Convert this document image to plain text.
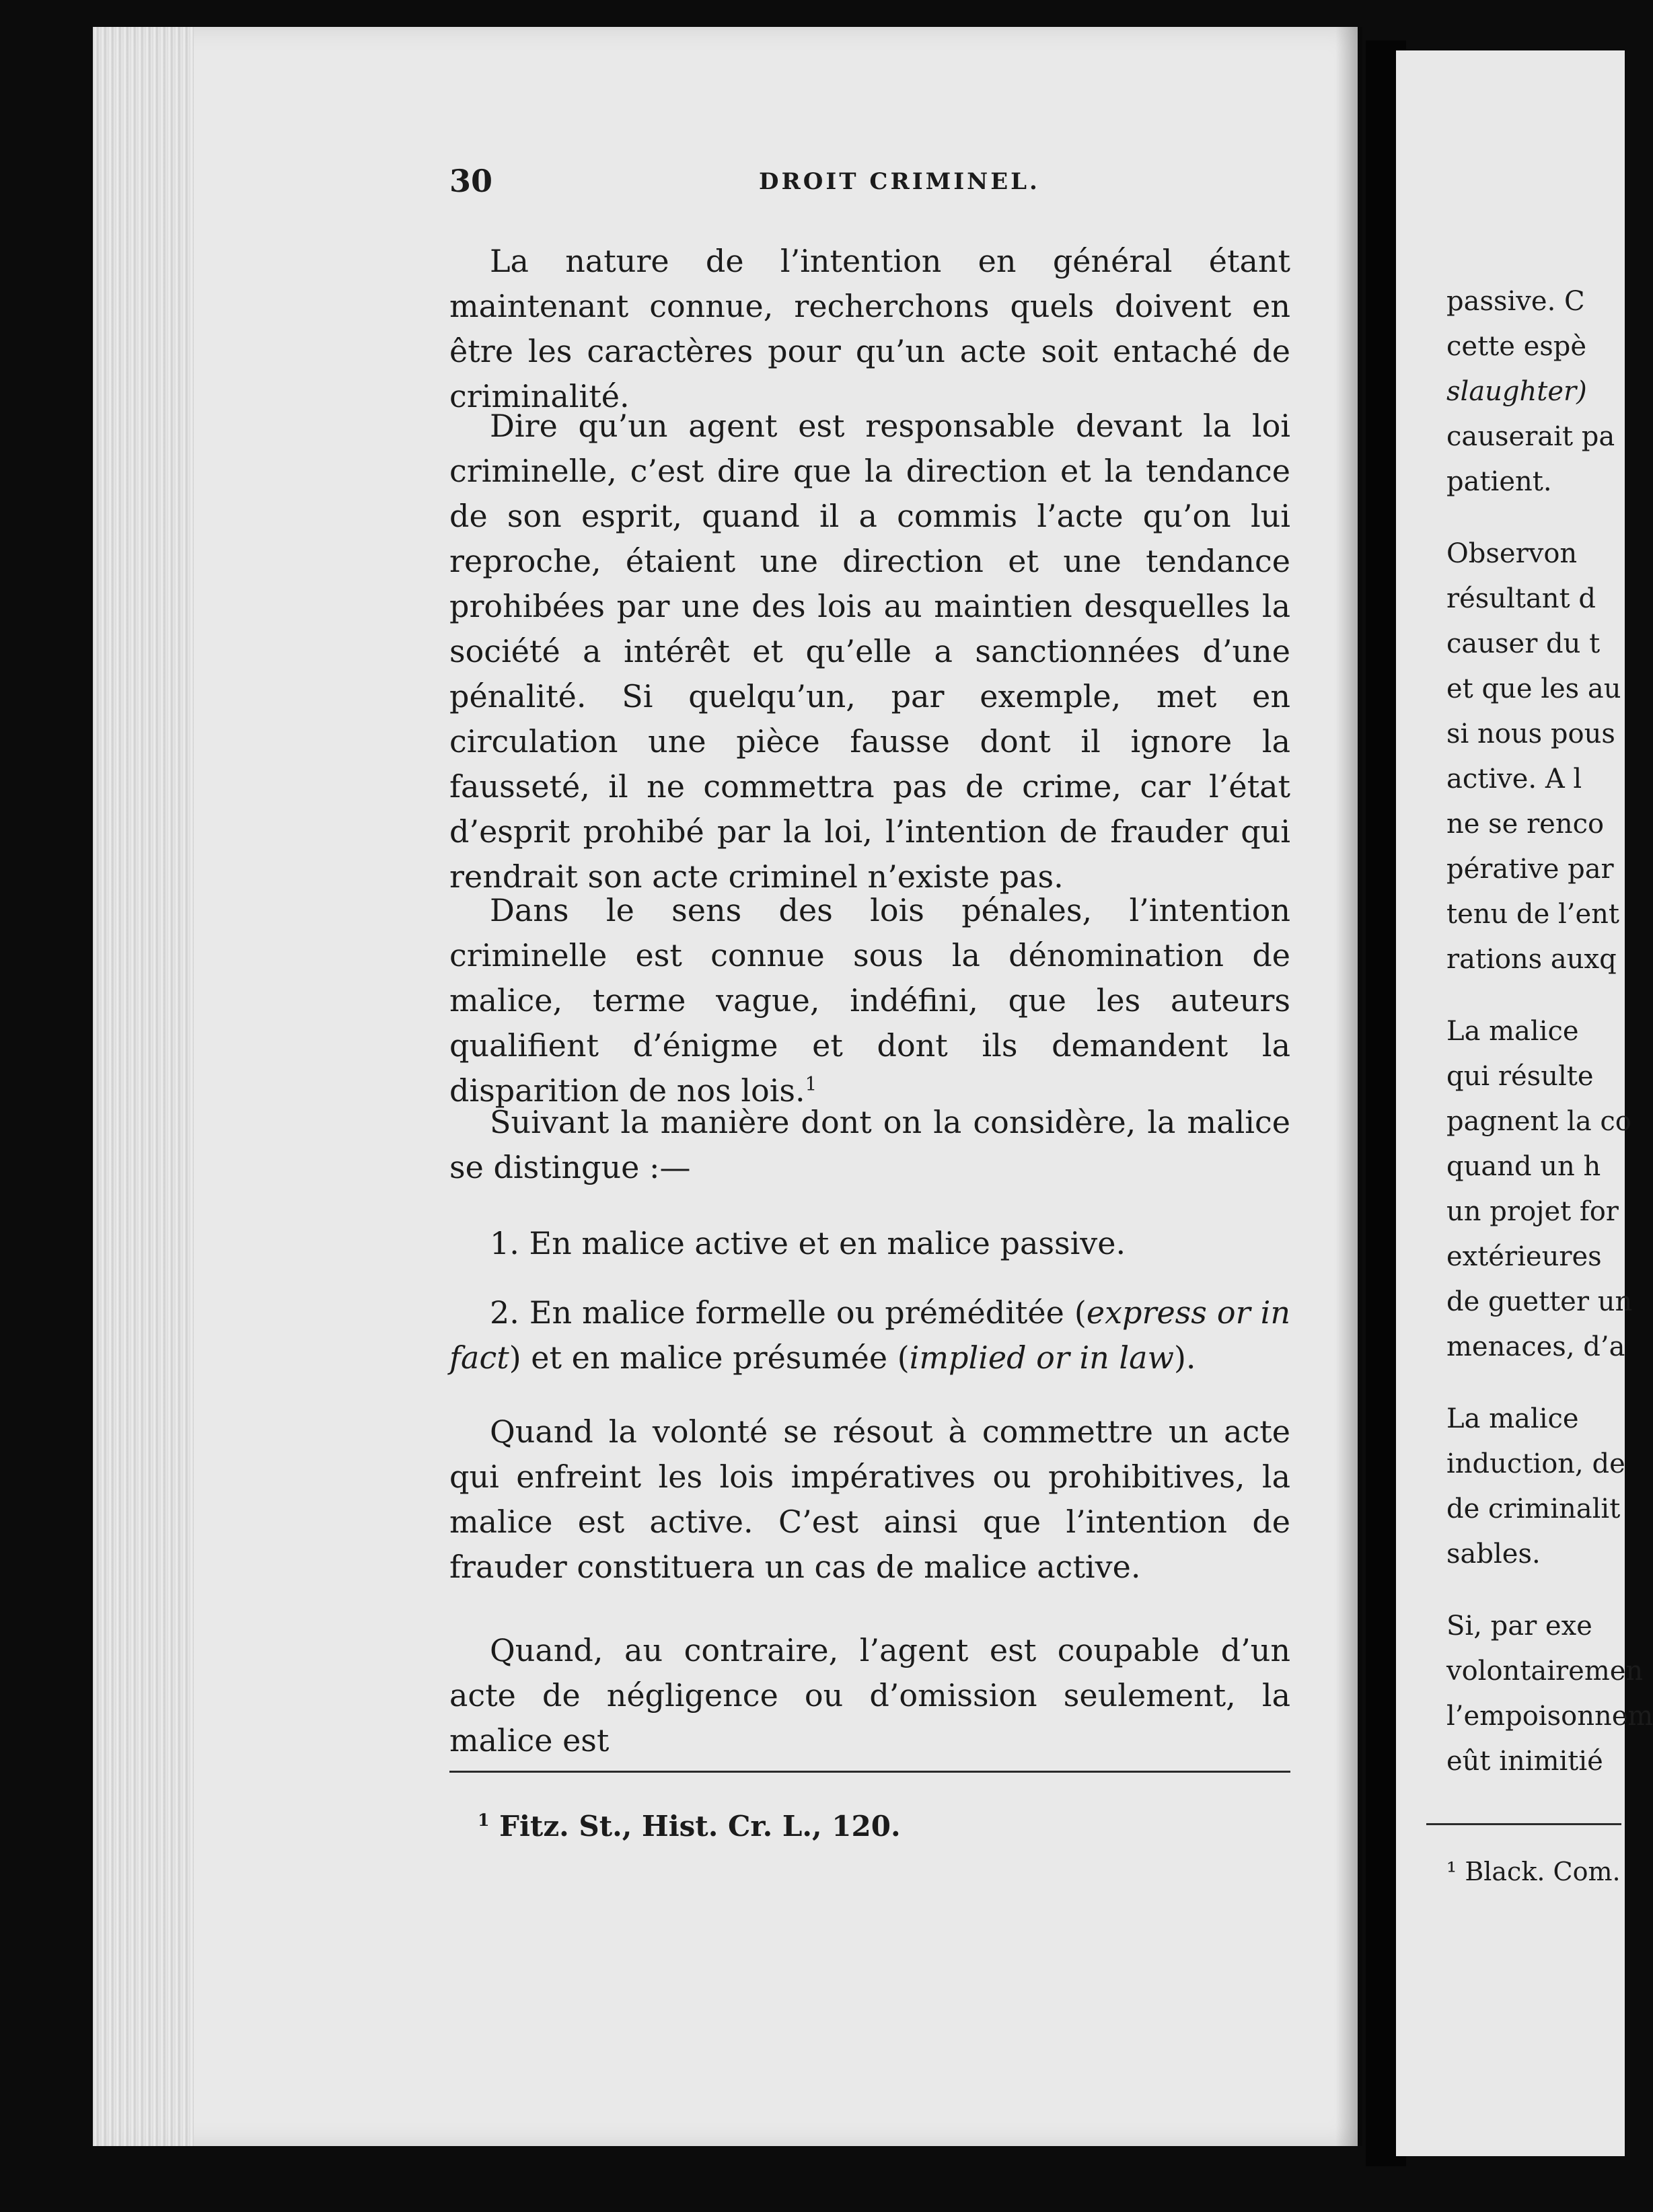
30	DROIT CRIMINEL.

La nature de l’intention en général étant maintenant connue, recherchons quels doivent en être les caractères pour qu’un acte soit entaché de criminalité.

Dire qu’un agent est responsable devant la loi criminelle, c’est dire que la direction et la tendance de son esprit, quand il a commis l’acte qu’on lui reproche, étaient une direction et une tendance prohibées par une des lois au maintien desquelles la société a intérêt et qu’elle a sanctionnées d’une pénalité. Si quelqu’un, par exemple, met en circulation une pièce fausse dont il ignore la fausseté, il ne commettra pas de crime, car l’état d’esprit prohibé par la loi, l’intention de frauder qui rendrait son acte criminel n’existe pas.

Dans le sens des lois pénales, l’intention criminelle est connue sous la dénomination de malice, terme vague, indéfini, que les auteurs qualifient d’énigme et dont ils demandent la disparition de nos lois.$^1$

Suivant la manière dont on la considère, la malice se distingue :—

1. En malice active et en malice passive.

2. En malice formelle ou préméditée (express or in fact) et en malice présumée (implied or in law).

Quand la volonté se résout à commettre un acte qui enfreint les lois impératives ou prohibitives, la malice est active. C’est ainsi que l’intention de frauder constituera un cas de malice active.

Quand, au contraire, l’agent est coupable d’un acte de négligence ou d’omission seulement, la malice est

$^1$ Fitz. St., Hist. Cr. L., 120.
passive. C
cette espè
slaughter)
causerait pa
patient.
Observon
résultant d
causer du t
et que les au
si nous pous
active. A l
ne se renco
pérative par
tenu de l’ent
rations auxq
La malice
qui résulte
pagnent la co
quand un h
un projet for
extérieures
de guetter un
menaces, d’a
La malice
induction, de
de criminalit
sables.
Si, par exe
volontairemen
l’empoisonnem
eût inimitié
¹ Black. Com.
